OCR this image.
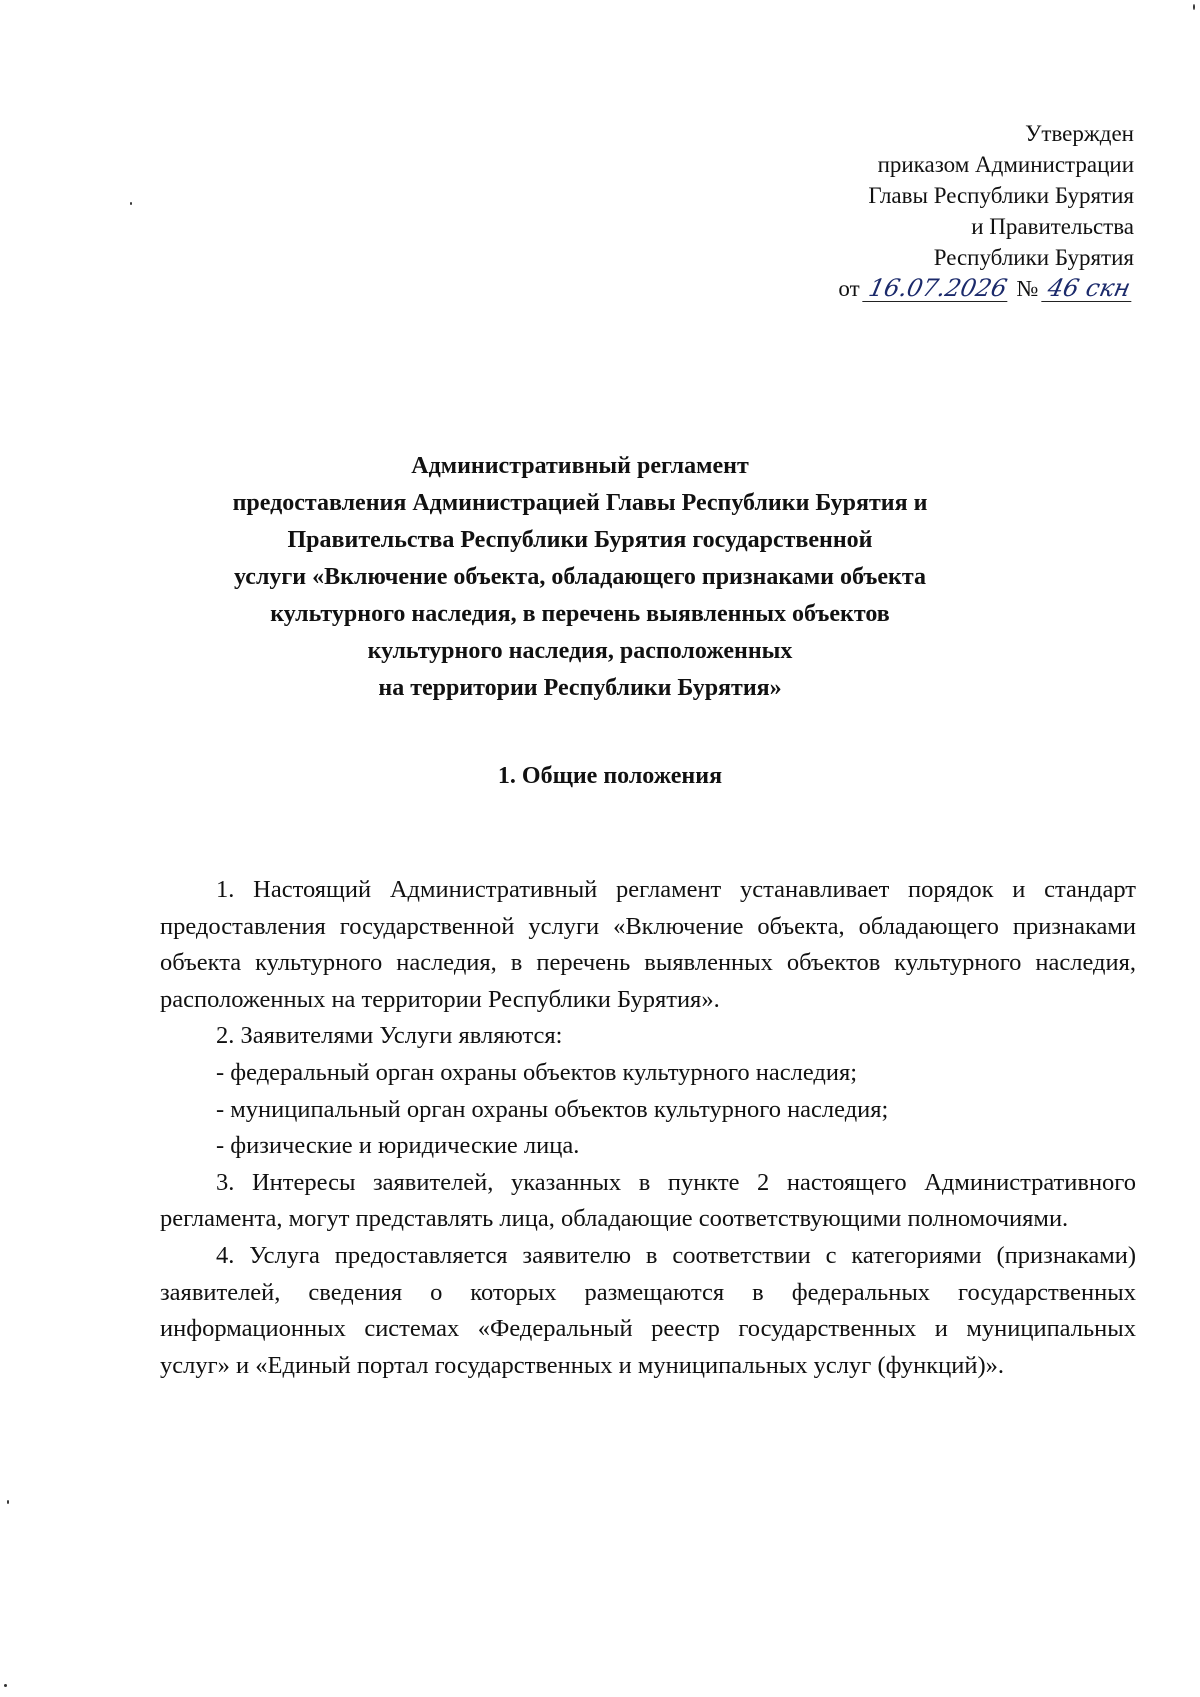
Утвержден
приказом Администрации
Главы Республики Бурятия
и Правительства
Республики Бурятия
от 16.07.2026 № 46 скн
Административный регламент
предоставления Администрацией Главы Республики Бурятия и
Правительства Республики Бурятия государственной
услуги «Включение объекта, обладающего признаками объекта
культурного наследия, в перечень выявленных объектов
культурного наследия, расположенных
на территории Республики Бурятия»
1. Общие положения

1. Настоящий Административный регламент устанавливает порядок и стандарт предоставления государственной услуги «Включение объекта, обладающего признаками объекта культурного наследия, в перечень выявленных объектов культурного наследия, расположенных на территории Республики Бурятия».

2. Заявителями Услуги являются:

- федеральный орган охраны объектов культурного наследия;

- муниципальный орган охраны объектов культурного наследия;

- физические и юридические лица.

3. Интересы заявителей, указанных в пункте 2 настоящего Административного регламента, могут представлять лица, обладающие соответствующими полномочиями.

4. Услуга предоставляется заявителю в соответствии с категориями (признаками) заявителей, сведения о которых размещаются в федеральных государственных информационных системах «Федеральный реестр государственных и муниципальных услуг» и «Единый портал государственных и муниципальных услуг (функций)».
